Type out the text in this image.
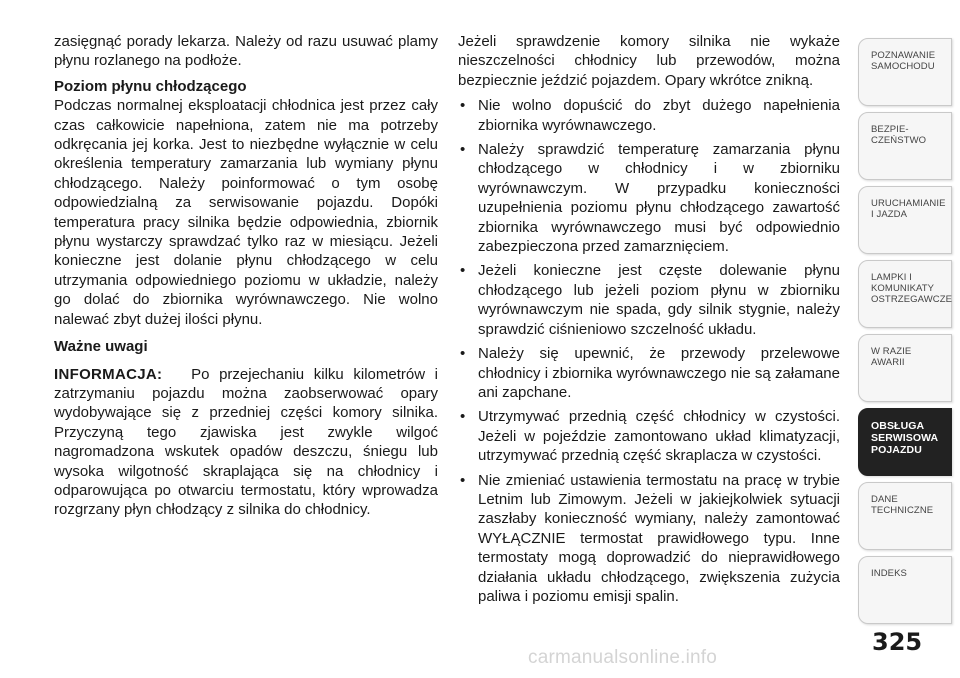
zasięgnąć porady lekarza. Należy od razu usuwać plamy płynu rozlanego na podłoże.

Poziom płynu chłodzącego

Podczas normalnej eksploatacji chłodnica jest przez cały czas całkowicie napełniona, zatem nie ma potrzeby odkręcania jej korka. Jest to niezbędne wyłącznie w celu określenia temperatury zamarzania lub wymiany płynu chłodzącego. Należy poinformować o tym osobę odpowiedzialną za serwisowanie pojazdu. Dopóki temperatura pracy silnika będzie odpowiednia, zbiornik płynu wystarczy sprawdzać tylko raz w miesiącu. Jeżeli konieczne jest dolanie płynu chłodzącego w celu utrzymania odpowiedniego poziomu w układzie, należy go dolać do zbiornika wyrównawczego. Nie wolno nalewać zbyt dużej ilości płynu.

Ważne uwagi

INFORMACJA: Po przejechaniu kilku kilometrów i zatrzymaniu pojazdu można zaobserwować opary wydobywające się z przedniej części komory silnika. Przyczyną tego zjawiska jest zwykle wilgoć nagromadzona wskutek opadów deszczu, śniegu lub wysoka wilgotność skraplająca się na chłodnicy i odparowująca po otwarciu termostatu, który wprowadza rozgrzany płyn chłodzący z silnika do chłodnicy.

Jeżeli sprawdzenie komory silnika nie wykaże nieszczelności chłodnicy lub przewodów, można bezpiecznie jeździć pojazdem. Opary wkrótce znikną.

• Nie wolno dopuścić do zbyt dużego napełnienia zbiornika wyrównawczego.
• Należy sprawdzić temperaturę zamarzania płynu chłodzącego w chłodnicy i w zbiorniku wyrównawczym. W przypadku konieczności uzupełnienia poziomu płynu chłodzącego zawartość zbiornika wyrównawczego musi być odpowiednio zabezpieczona przed zamarznięciem.
• Jeżeli konieczne jest częste dolewanie płynu chłodzącego lub jeżeli poziom płynu w zbiorniku wyrównawczym nie spada, gdy silnik stygnie, należy sprawdzić ciśnieniowo szczelność układu.
• Należy się upewnić, że przewody przelewowe chłodnicy i zbiornika wyrównawczego nie są załamane ani zapchane.
• Utrzymywać przednią część chłodnicy w czystości. Jeżeli w pojeździe zamontowano układ klimatyzacji, utrzymywać przednią część skraplacza w czystości.
• Nie zmieniać ustawienia termostatu na pracę w trybie Letnim lub Zimowym. Jeżeli w jakiejkolwiek sytuacji zaszłaby konieczność wymiany, należy zamontować WYŁĄCZNIE termostat prawidłowego typu. Inne termostaty mogą doprowadzić do nieprawidłowego działania układu chłodzącego, zwiększenia zużycia paliwa i poziomu emisji spalin.
POZNAWANIE
SAMOCHODU
BEZPIE-
CZEŃSTWO
URUCHAMIANIE
I JAZDA
LAMPKI I
KOMUNIKATY
OSTRZEGAWCZE
W RAZIE
AWARII
OBSŁUGA
SERWISOWA
POJAZDU
DANE
TECHNICZNE
INDEKS
325
carmanualsonline.info
